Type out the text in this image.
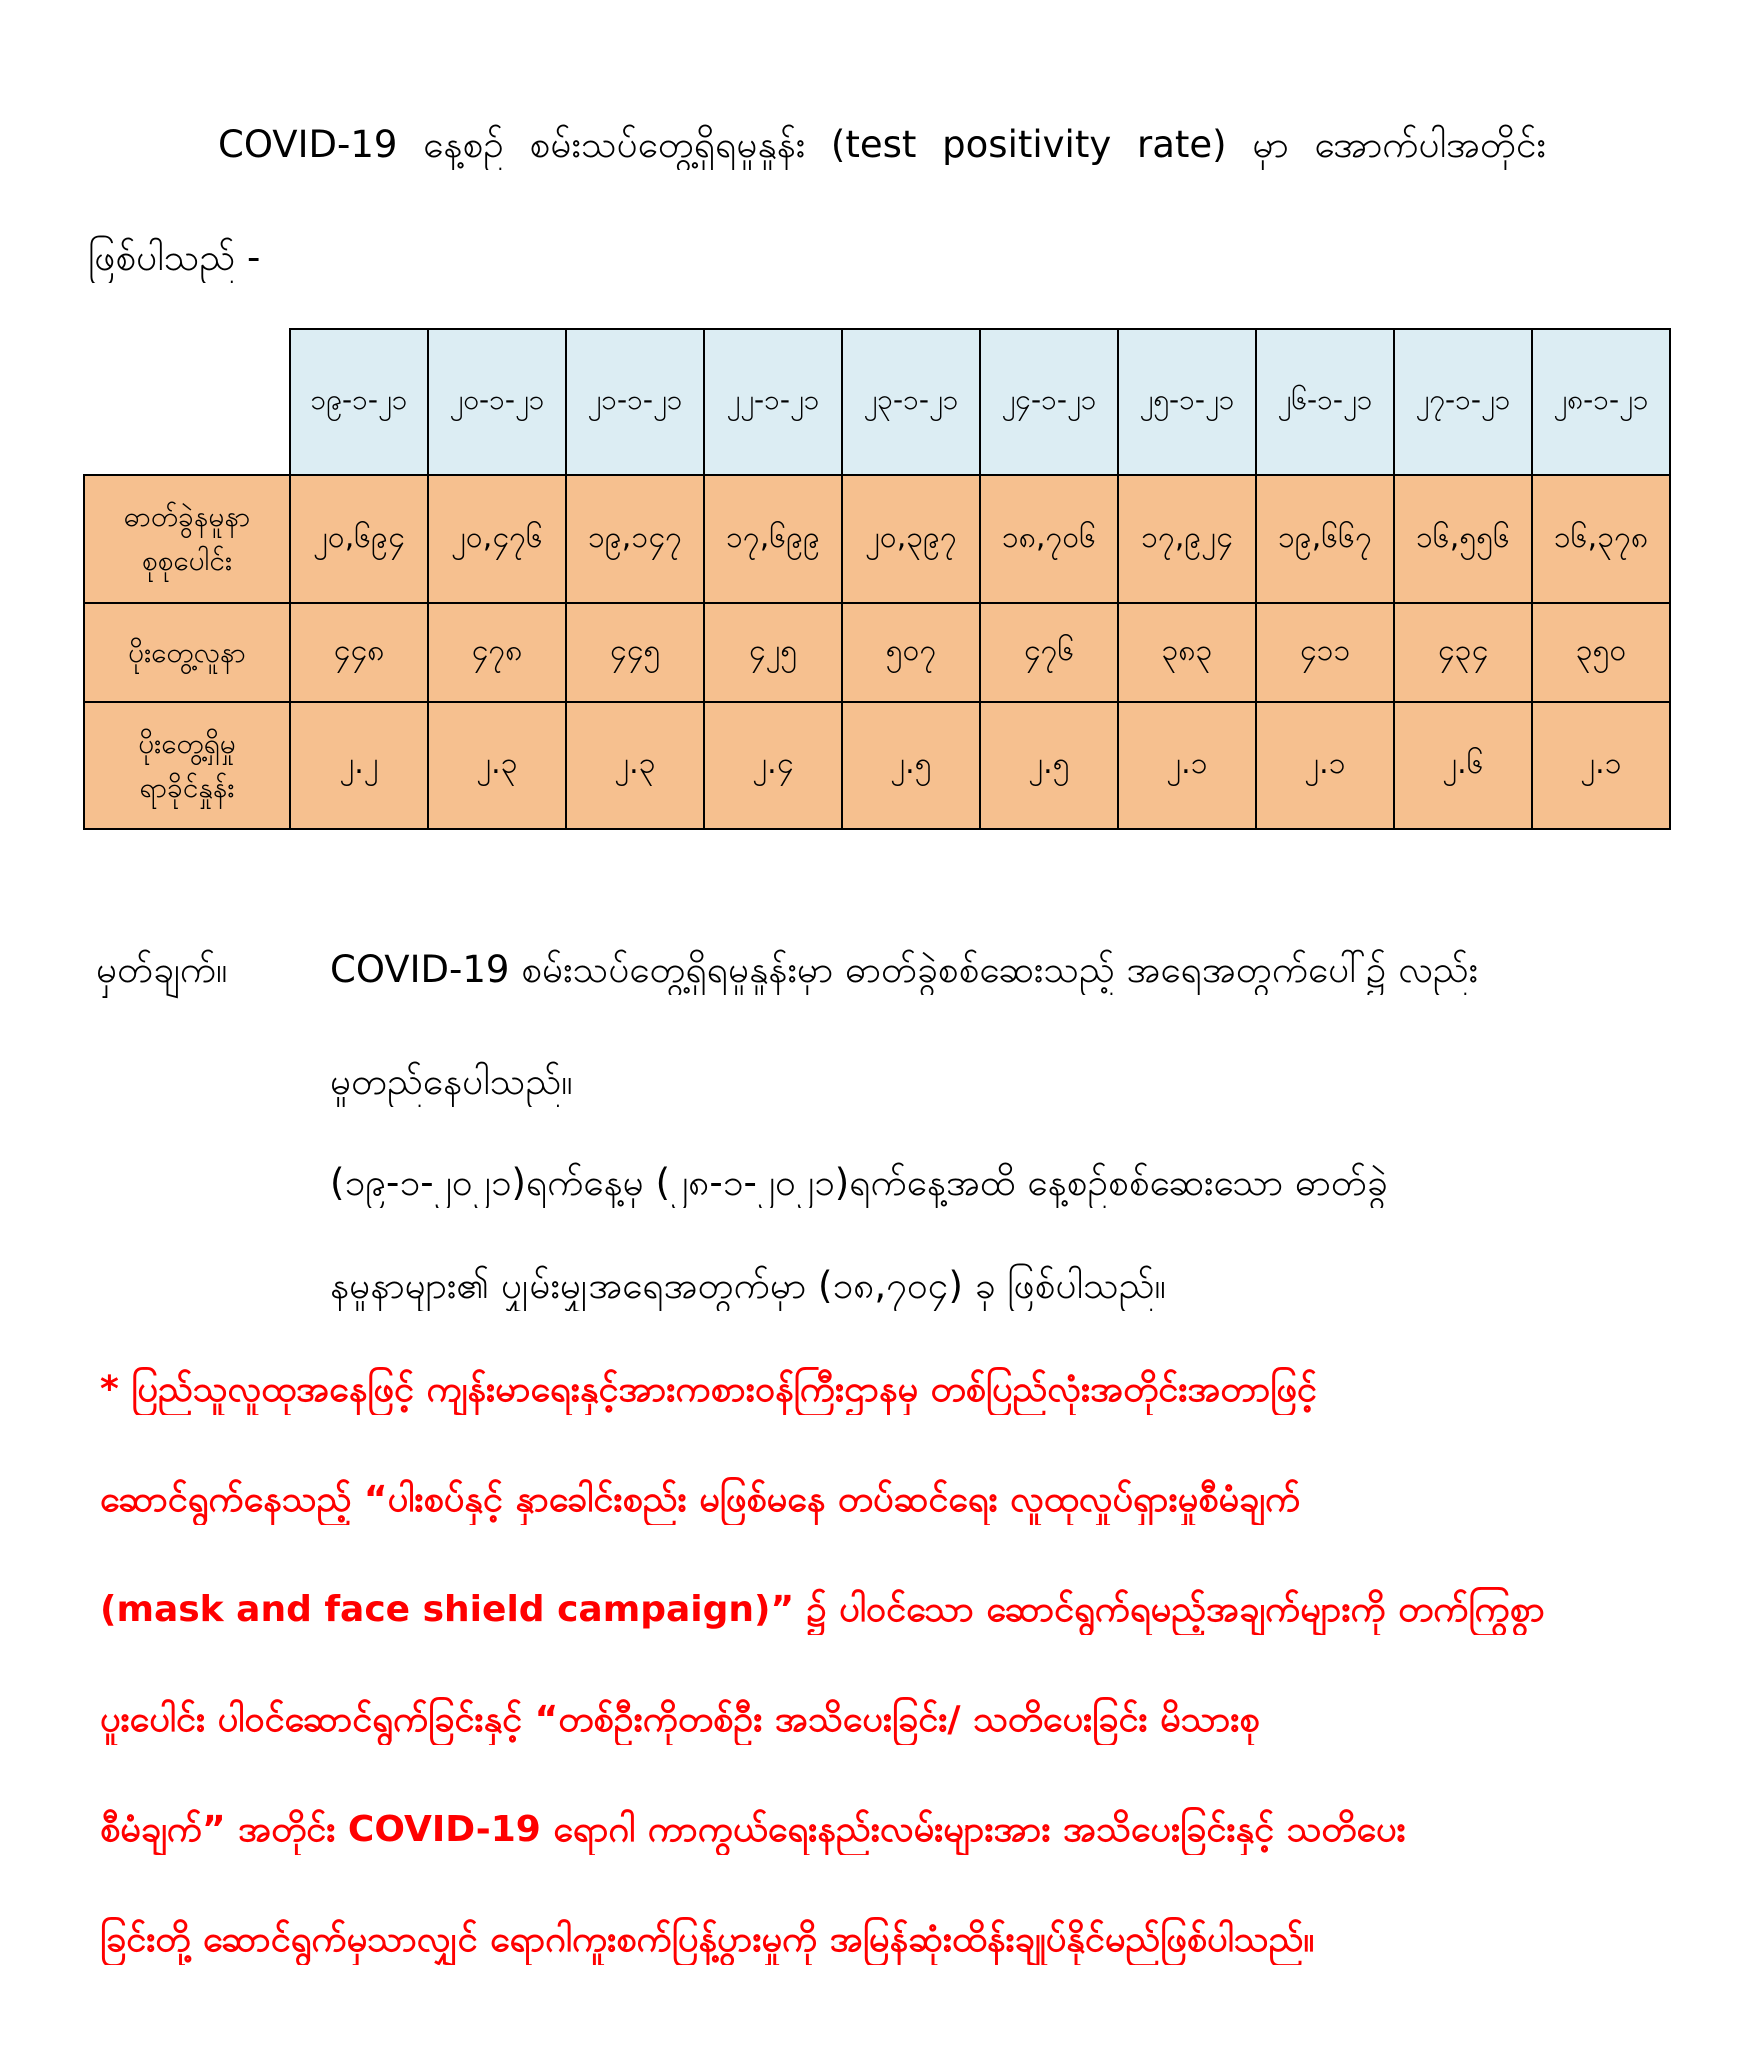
COVID-19 နေ့စဉ် စမ်းသပ်တွေ့ရှိရမှုနှုန်း (test positivity rate) မှာ အောက်ပါအတိုင်း
ဖြစ်ပါသည် -
	၁၉-၁-၂၁	၂၀-၁-၂၁	၂၁-၁-၂၁	၂၂-၁-၂၁	၂၃-၁-၂၁	၂၄-၁-၂၁	၂၅-၁-၂၁	၂၆-၁-၂၁	၂၇-၁-၂၁	၂၈-၁-၂၁

ဓာတ်ခွဲနမူနာ
စုစုပေါင်း	၂၀,၆၉၄	၂၀,၄၇၆	၁၉,၁၄၇	၁၇,၆၉၉	၂၀,၃၉၇	၁၈,၇၀၆	၁၇,၉၂၄	၁၉,၆၆၇	၁၆,၅၅၆	၁၆,၃၇၈

ပိုးတွေ့လူနာ	၄၄၈	၄၇၈	၄၄၅	၄၂၅	၅၀၇	၄၇၆	၃၈၃	၄၁၁	၄၃၄	၃၅၀

ပိုးတွေ့ရှိမှု
ရာခိုင်နှုန်း	၂.၂	၂.၃	၂.၃	၂.၄	၂.၅	၂.၅	၂.၁	၂.၁	၂.၆	၂.၁
မှတ်ချက်။	COVID-19 စမ်းသပ်တွေ့ရှိရမှုနှုန်းမှာ ဓာတ်ခွဲစစ်ဆေးသည့် အရေအတွက်ပေါ်၌ လည်း
မူတည်နေပါသည်။
(၁၉-၁-၂၀၂၁)ရက်နေ့မှ (၂၈-၁-၂၀၂၁)ရက်နေ့အထိ နေ့စဉ်စစ်ဆေးသော ဓာတ်ခွဲ
နမူနာများ၏ ပျှမ်းမျှအရေအတွက်မှာ (၁၈,၇၀၄) ခု ဖြစ်ပါသည်။
* ပြည်သူလူထုအနေဖြင့် ကျန်းမာရေးနှင့်အားကစားဝန်ကြီးဌာနမှ တစ်ပြည်လုံးအတိုင်းအတာဖြင့်
ဆောင်ရွက်နေသည့် “ပါးစပ်နှင့် နှာခေါင်းစည်း မဖြစ်မနေ တပ်ဆင်ရေး လူထုလှုပ်ရှားမှုစီမံချက်
(mask and face shield campaign)” ၌ ပါဝင်သော ဆောင်ရွက်ရမည့်အချက်များကို တက်ကြွစွာ
ပူးပေါင်း ပါဝင်ဆောင်ရွက်ခြင်းနှင့် “တစ်ဦးကိုတစ်ဦး အသိပေးခြင်း/ သတိပေးခြင်း မိသားစု
စီမံချက်” အတိုင်း COVID-19 ရောဂါ ကာကွယ်ရေးနည်းလမ်းများအား အသိပေးခြင်းနှင့် သတိပေး
ခြင်းတို့ ဆောင်ရွက်မှသာလျှင် ရောဂါကူးစက်ပြန့်ပွားမှုကို အမြန်ဆုံးထိန်းချုပ်နိုင်မည်ဖြစ်ပါသည်။
